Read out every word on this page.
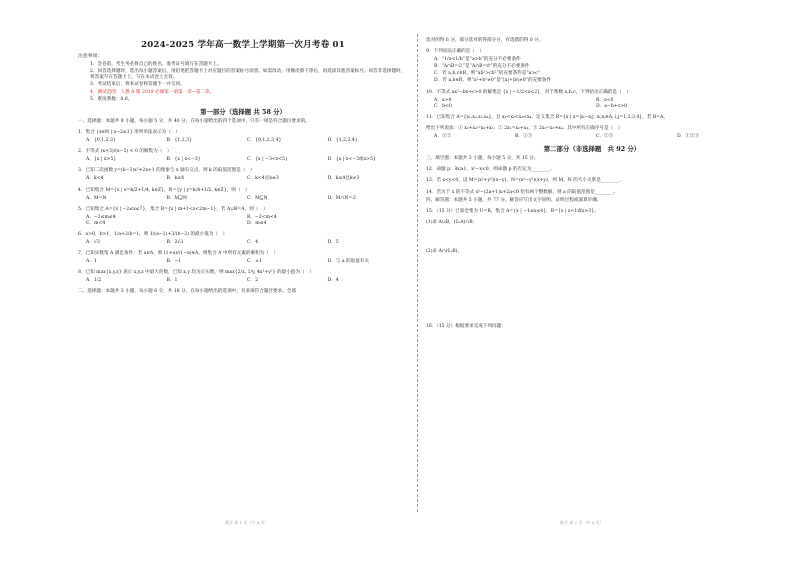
2024-2025 学年高一数学上学期第一次月考卷 01
注意事项：
1．答卷前，考生务必将自己的姓名、准考证号填写在答题卡上。
2．回答选择题时，选出每小题答案后，用铅笔把答题卡上对应题目的答案标号涂黑。如需改动，用橡皮擦干净后，再选涂其他答案标号。回答非选择题时，将答案写在答题卡上。写在本试卷上无效。
3．考试结束后，将本试卷和答题卡一并交回。
4．测试范围：人教 A 版 2019 必修第一册第一章~第二章。
5．难度系数：0.6。
第一部分（选择题 共 58 分）
一、选择题：本题共 8 小题，每小题 5 分，共 40 分。在每小题给出的四个选项中，只有一项是符合题目要求的。
1．集合 {x∈N | x−2≤1} 用列举法表示为（　）
A．{0,1,2,3}	B．{1,2,3}	C．{0,1,2,3,4}	D．{1,2,3,4}
2．不等式 (x+3)/(x−5) < 0 的解集为（　）
A．{x | x>5}	B．{x | x<−3}	C．{x | −3<x<5}	D．{x | x<−3或x>5}
3．已知二次函数 y=(k−3)x²+2x+1 的图象与 x 轴有交点，则 k 的取值范围是（　）
A．k<4	B．k≤4	C．k<4且k≠3	D．k≤4且k≠3
4．已知集合 M={x | x=k/2+1/4, k∈Z}，N={y | y=k/4+1/2, k∈Z}，则（　）
A．M=N	B．M⊇N	C．M⊆N	D．M∩N=∅
5．已知集合 A={x | −2≤x≤7}，集合 B={x | m+1<x<2m−1}，若 A∪B=A，则（　）
A．−2≤m≤4	B．−2<m<4
C．m<4	D．m≤4
6．a>0，b>1，1/a+2/b=1，则 1/(a−1)+3/(b−2) 的最小值为（　）
A．√3	B．2√3	C．4	D．5
7．已知实数集 A 满足条件：若 a∈A，则 (1+a)/(1−a)∈A，则集合 A 中所有元素的乘积为（　）
A．1	B．−1	C．±1	D．与 a 的取值有关
8．已知 max{x,y,z} 表示 x,y,z 中最大的数，已知 x,y 均为正实数，则 max{2/x, 1/y, 4x²+y²} 的最小值为（　）
A．1/2	B．1	C．2	D．4
二、选择题：本题共 3 小题，每小题 6 分，共 18 分。在每小题给出的选项中，有多项符合题目要求。全部
选对的得 6 分，部分选对的得部分分，有选错的得 0 分。
9．下列说法正确的是（　）
A．“1/a<1/b”是“a>b”的充分不必要条件
B．“A∩B=∅”是“A∩B=∅”的充分不必要条件
C．若 a,b,c∈R，则“ab²>cb²”的充要条件是“a>c”
D．若 a,b∈R，则“a²+b²≠0”是“|a|+|b|≠0”的充要条件
10．不等式 ax²−bx+c>0 的解集是 {x | −1/2<x<2}，对于系数 a,b,c，下列结论正确的是（　）
A．a>0	B．a<0
C．b<0	D．a−b+c>0
11．已知集合 A={x₁,x₂,x₃,x₄}，且 x₁<x₂<x₃<x₄，定义集合 B={x | x=|xᵢ−xⱼ|, xᵢ,xⱼ∈A, i,j=1,2,3,4}，若 B=A，
给出下列说法：① x₁+x₄=x₂+x₃；② 2x₁=x₂+x₃；③ 2x₂=x₃+x₄；其中所有正确序号是（　）
A．①②	B．①③	C．②③	D．①②③
第二部分（非选择题　共 92 分）
三、填空题：本题共 3 小题，每小题 5 分，共 15 分。
12．命题 p：∃x≥1，x²−x<0，则命题 p 的否定为________。
13．若 x<y<0，设 M=(x²+y²)(x−y)，N=(x²−y²)(x+y)，则 M，N 的大小关系是________。
14．若关于 x 的不等式 x²−(2a+1)x+2a<0 恰有两个整数解，则 a 的取值范围是________。
四、解答题：本题共 5 小题，共 77 分。解答应写出文字说明、证明过程或演算步骤。
15．（13 分）已知全集为 U=R，集合 A={x | −1≤x≤4}，B={x | x<1或x>3}。
(1)求 A∪B，(∁ᵤA)∩B；
(2)求 A∩(∁ᵤB)。
16．（15 分）根据要求完成下列问题：
数学 第 1 页（共 4 页）	数学 第 2 页（共 4 页）
